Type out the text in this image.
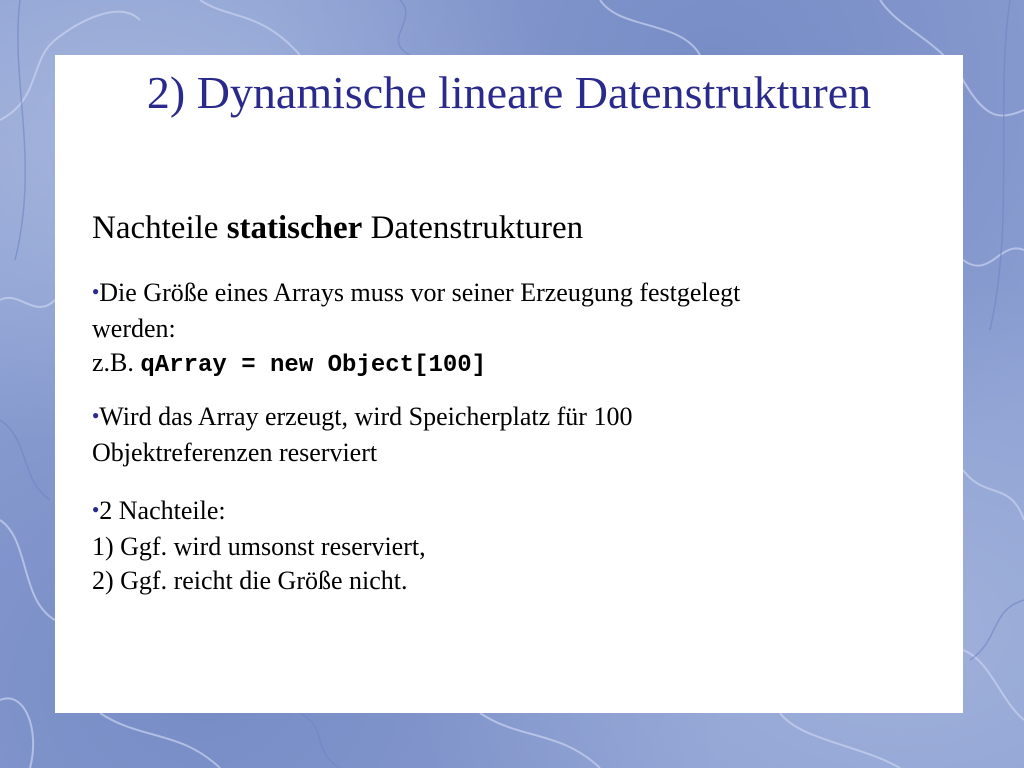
2) Dynamische lineare Datenstrukturen
Nachteile statischer Datenstrukturen
●Die Größe eines Arrays muss vor seiner Erzeugung festgelegt
werden:
z.B. qArray = new Object[100]
●Wird das Array erzeugt, wird Speicherplatz für 100
Objektreferenzen reserviert
●2 Nachteile:
1) Ggf. wird umsonst reserviert,
2) Ggf. reicht die Größe nicht.
